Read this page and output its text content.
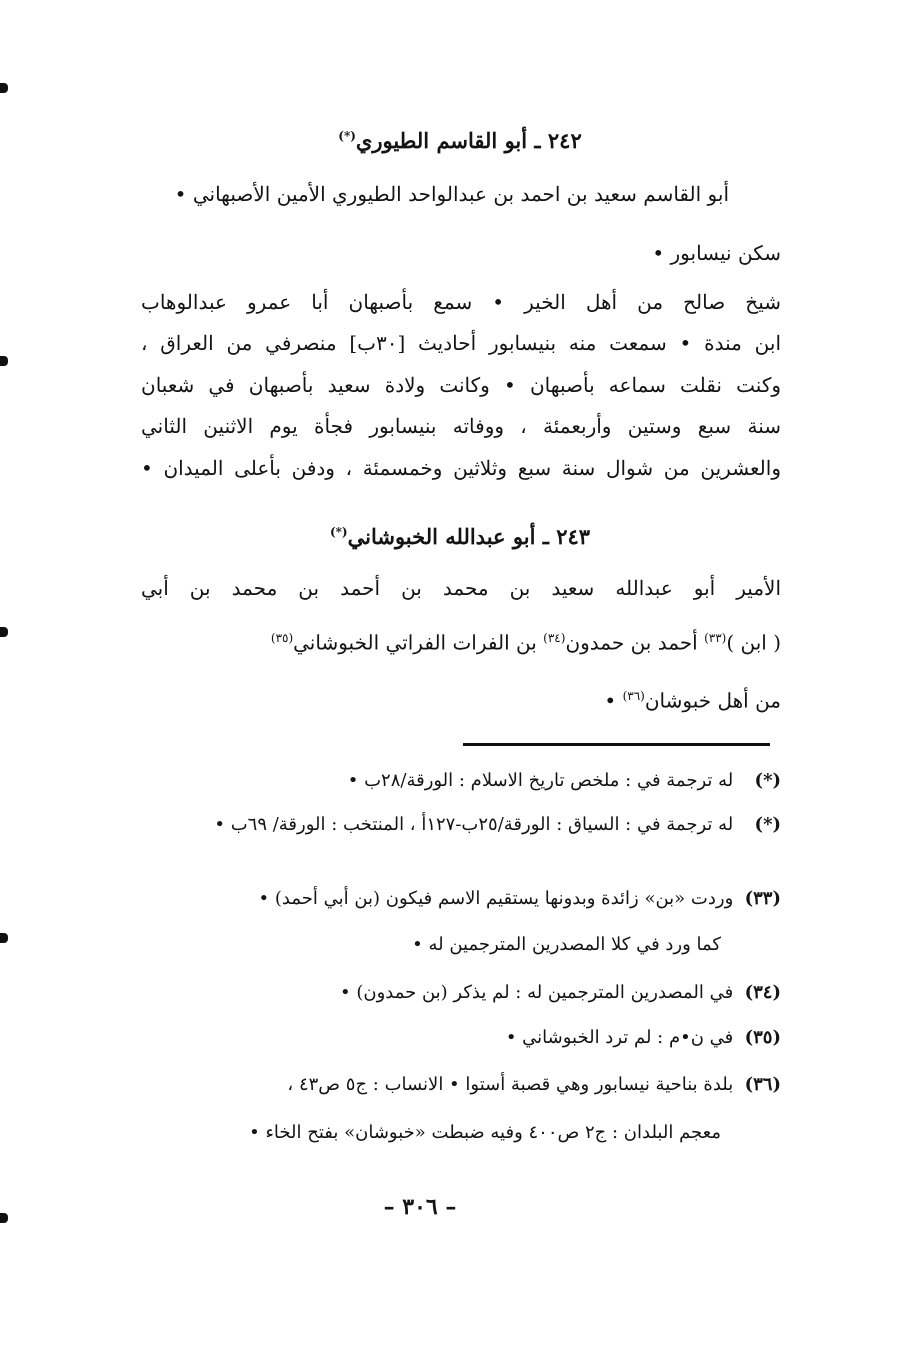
٢٤٢ ـ أبو القاسم الطيوري(*)
أبو القاسم سعيد بن احمد بن عبدالواحد الطيوري الأمين الأصبهاني •
سكن نيسابور •
شيخ صالح من أهل الخير • سمع بأصبهان أبا عمرو عبدالوهاب
ابن مندة • سمعت منه بنيسابور أحاديث [٣٠ب] منصرفي من العراق ،
وكنت نقلت سماعه بأصبهان • وكانت ولادة سعيد بأصبهان في شعبان
سنة سبع وستين وأربعمئة ، ووفاته بنيسابور فجأة يوم الاثنين الثاني
والعشرين من شوال سنة سبع وثلاثين وخمسمئة ، ودفن بأعلى الميدان •
٢٤٣ ـ أبو عبدالله الخبوشاني(*)
الأمير أبو عبدالله سعيد بن محمد بن أحمد بن محمد بن أبي
( ابن )$^{(٣٣)}$ أحمد بن حمدون$^{(٣٤)}$ بن الفرات الفراتي الخبوشاني$^{(٣٥)}$
من أهل خبوشان$^{(٣٦)}$ •
(*) له ترجمة في : ملخص تاريخ الاسلام : الورقة/٢٨ب •
(*) له ترجمة في : السياق : الورقة/٢٥ب-١٢٧أ ، المنتخب : الورقة/ ٦٩ب •
(٣٣) وردت «بن» زائدة وبدونها يستقيم الاسم فيكون (بن أبي أحمد) •
كما ورد في كلا المصدرين المترجمين له •
(٣٤) في المصدرين المترجمين له : لم يذكر (بن حمدون) •
(٣٥) في ن•م : لم ترد الخبوشاني •
(٣٦) بلدة بناحية نيسابور وهي قصبة أستوا • الانساب : ج٥ ص٤٣ ،
معجم البلدان : ج٢ ص٤٠٠ وفيه ضبطت «خبوشان» بفتح الخاء •
– ٣٠٦ –
